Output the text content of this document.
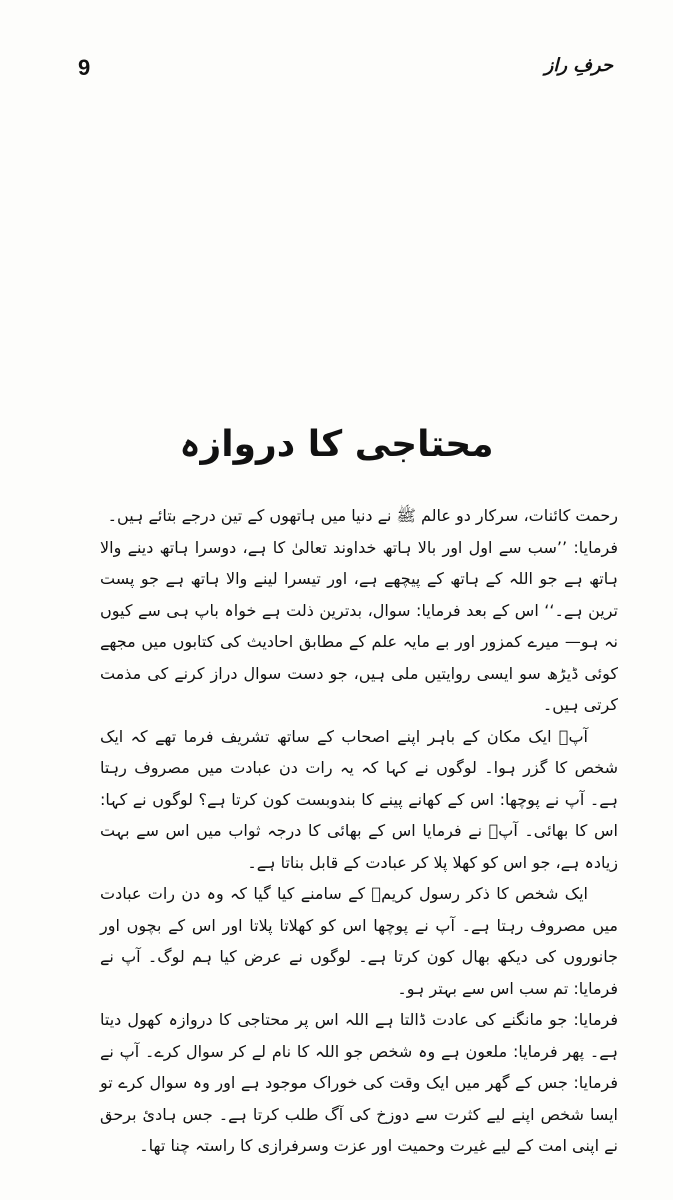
9	حرفِ راز
محتاجی کا دروازہ

رحمت کائنات، سرکار دو عالم ﷺ نے دنیا میں ہاتھوں کے تین درجے بتائے ہیں۔

فرمایا: ’’سب سے اول اور بالا ہاتھ خداوند تعالیٰ کا ہے، دوسرا ہاتھ دینے والا ہاتھ ہے جو اللہ کے ہاتھ کے پیچھے ہے، اور تیسرا لینے والا ہاتھ ہے جو پست ترین ہے۔‘‘ اس کے بعد فرمایا: سوال، بدترین ذلت ہے خواہ باپ ہی سے کیوں نہ ہو— میرے کمزور اور بے مایہ علم کے مطابق احادیث کی کتابوں میں مجھے کوئی ڈیڑھ سو ایسی روایتیں ملی ہیں، جو دست سوال دراز کرنے کی مذمت کرتی ہیں۔

آپؐ ایک مکان کے باہر اپنے اصحاب کے ساتھ تشریف فرما تھے کہ ایک شخص کا گزر ہوا۔ لوگوں نے کہا کہ یہ رات دن عبادت میں مصروف رہتا ہے۔ آپ نے پوچھا: اس کے کھانے پینے کا بندوبست کون کرتا ہے؟ لوگوں نے کہا: اس کا بھائی۔ آپؐ نے فرمایا اس کے بھائی کا درجہ ثواب میں اس سے بہت زیادہ ہے، جو اس کو کھلا پلا کر عبادت کے قابل بناتا ہے۔

ایک شخص کا ذکر رسول کریمؐ کے سامنے کیا گیا کہ وہ دن رات عبادت میں مصروف رہتا ہے۔ آپ نے پوچھا اس کو کھلاتا پلاتا اور اس کے بچوں اور جانوروں کی دیکھ بھال کون کرتا ہے۔ لوگوں نے عرض کیا ہم لوگ۔ آپ نے فرمایا: تم سب اس سے بہتر ہو۔

فرمایا: جو مانگنے کی عادت ڈالتا ہے اللہ اس پر محتاجی کا دروازہ کھول دیتا ہے۔ پھر فرمایا: ملعون ہے وہ شخص جو اللہ کا نام لے کر سوال کرے۔ آپ نے فرمایا: جس کے گھر میں ایک وقت کی خوراک موجود ہے اور وہ سوال کرے تو ایسا شخص اپنے لیے کثرت سے دوزخ کی آگ طلب کرتا ہے۔ جس ہادیٔ برحق نے اپنی امت کے لیے غیرت وحمیت اور عزت وسرفرازی کا راستہ چنا تھا۔
